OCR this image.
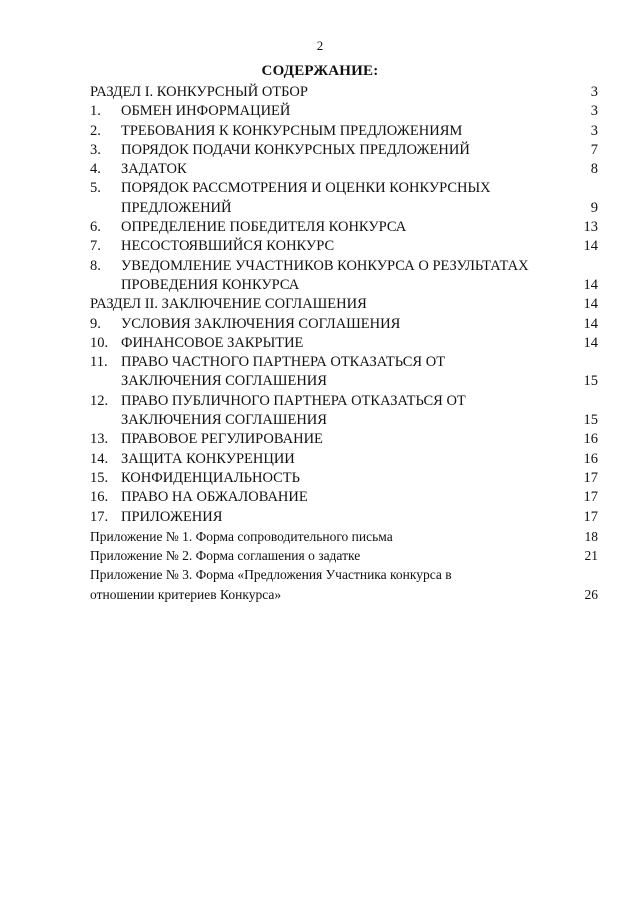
2
СОДЕРЖАНИЕ:
РАЗДЕЛ I. КОНКУРСНЫЙ ОТБОР	3
1.	ОБМЕН ИНФОРМАЦИЕЙ	3
2.	ТРЕБОВАНИЯ К КОНКУРСНЫМ ПРЕДЛОЖЕНИЯМ	3
3.	ПОРЯДОК ПОДАЧИ КОНКУРСНЫХ ПРЕДЛОЖЕНИЙ	7
4.	ЗАДАТОК	8
5.	ПОРЯДОК РАССМОТРЕНИЯ И ОЦЕНКИ КОНКУРСНЫХ
ПРЕДЛОЖЕНИЙ	9
6.	ОПРЕДЕЛЕНИЕ ПОБЕДИТЕЛЯ КОНКУРСА	13
7.	НЕСОСТОЯВШИЙСЯ КОНКУРС	14
8.	УВЕДОМЛЕНИЕ УЧАСТНИКОВ КОНКУРСА О РЕЗУЛЬТАТАХ
ПРОВЕДЕНИЯ КОНКУРСА	14
РАЗДЕЛ II. ЗАКЛЮЧЕНИЕ СОГЛАШЕНИЯ	14
9.	УСЛОВИЯ ЗАКЛЮЧЕНИЯ СОГЛАШЕНИЯ	14
10. ФИНАНСОВОЕ ЗАКРЫТИЕ	14
11. ПРАВО ЧАСТНОГО ПАРТНЕРА ОТКАЗАТЬСЯ ОТ
ЗАКЛЮЧЕНИЯ СОГЛАШЕНИЯ	15
12. ПРАВО ПУБЛИЧНОГО ПАРТНЕРА ОТКАЗАТЬСЯ ОТ
ЗАКЛЮЧЕНИЯ СОГЛАШЕНИЯ	15
13. ПРАВОВОЕ РЕГУЛИРОВАНИЕ	16
14. ЗАЩИТА КОНКУРЕНЦИИ	16
15. КОНФИДЕНЦИАЛЬНОСТЬ	17
16. ПРАВО НА ОБЖАЛОВАНИЕ	17
17. ПРИЛОЖЕНИЯ	17
Приложение № 1. Форма сопроводительного письма	18
Приложение № 2. Форма соглашения о задатке	21
Приложение № 3. Форма «Предложения Участника конкурса в
отношении критериев Конкурса»	26
